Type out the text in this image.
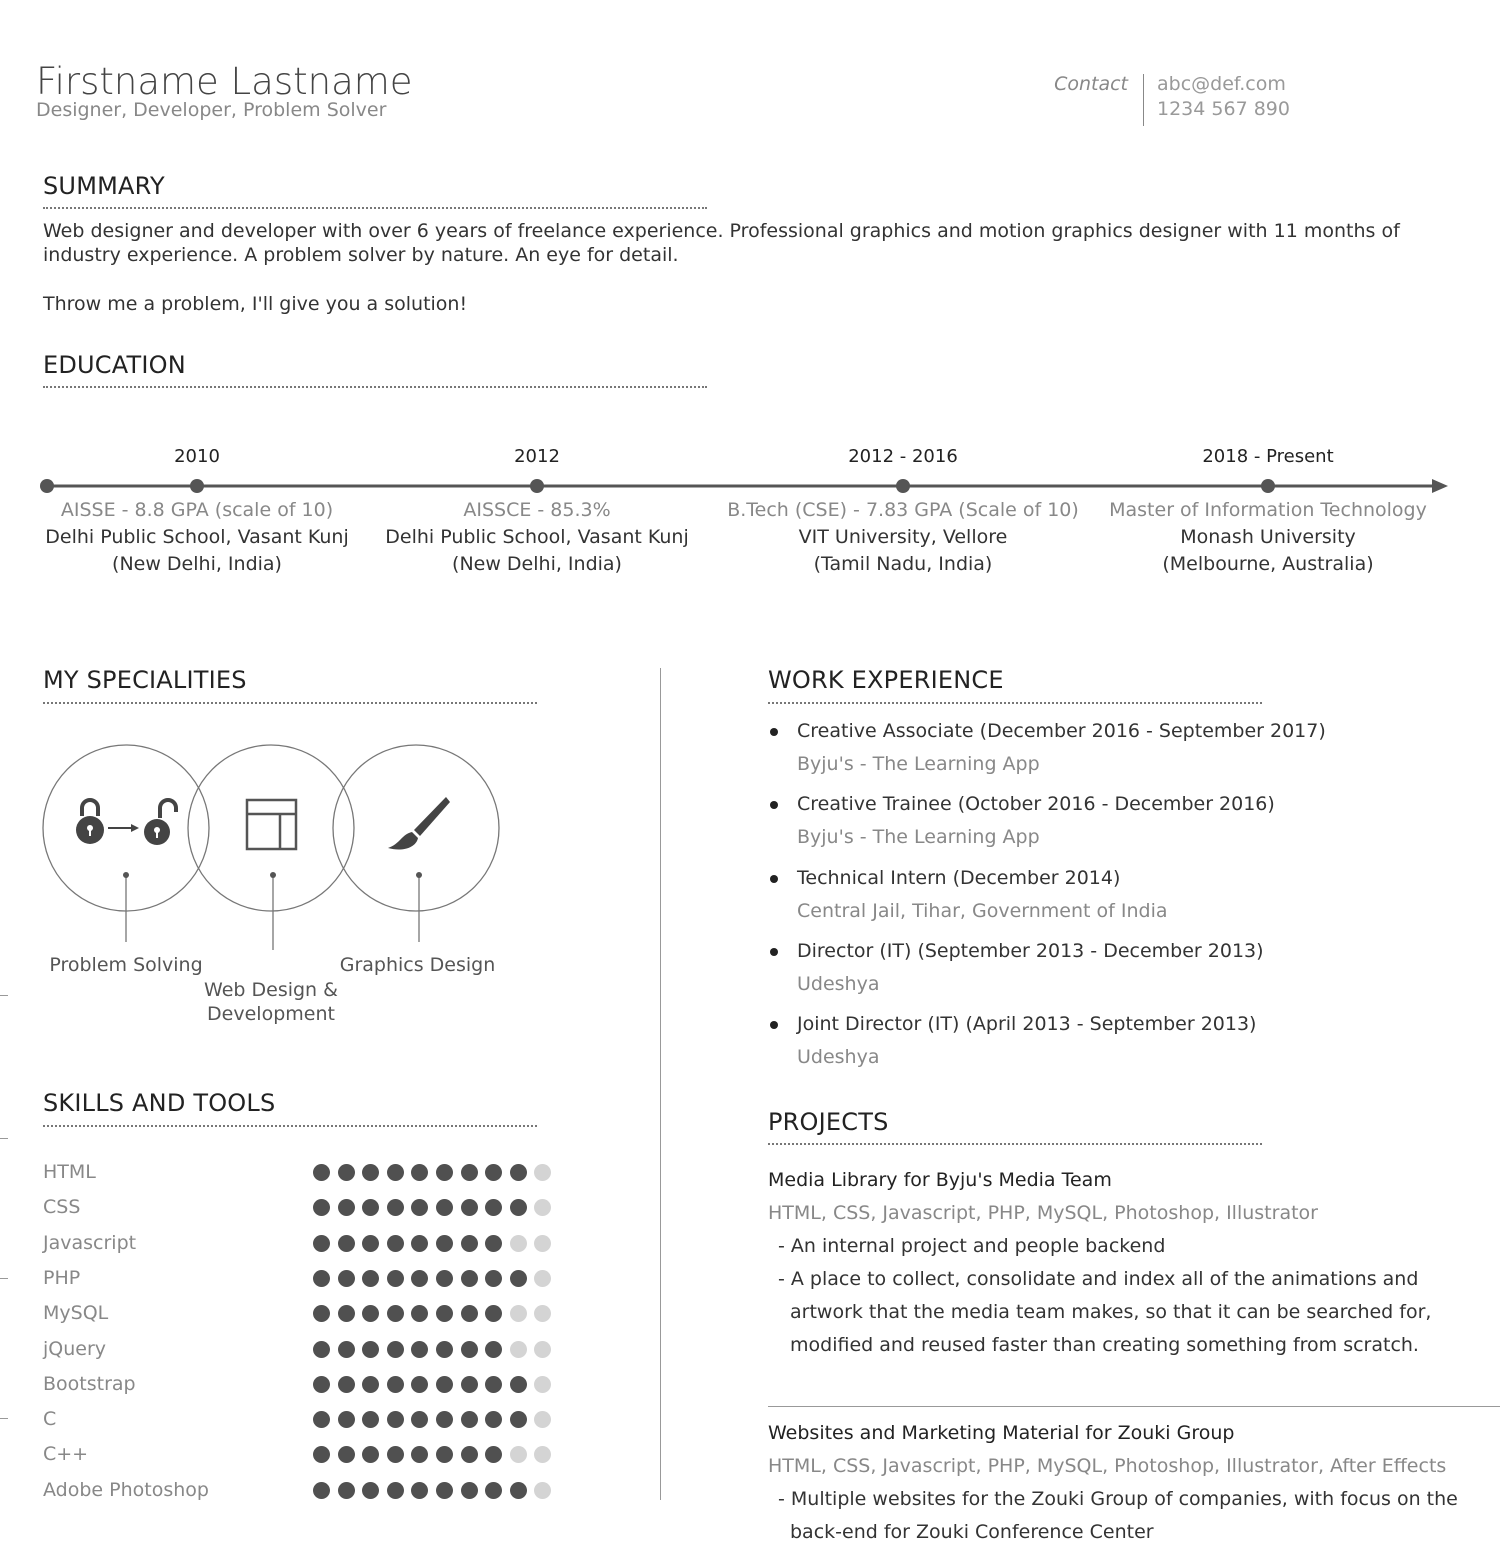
Firstname Lastname
Designer, Developer, Problem Solver
Contact abc@def.com
1234 567 890
SUMMARY
Web designer and developer with over 6 years of freelance experience. Professional graphics and motion graphics designer with 11 months of industry experience. A problem solver by nature. An eye for detail.
Throw me a problem, I'll give you a solution!
EDUCATION
2010
AISSE - 8.8 GPA (scale of 10)
Delhi Public School, Vasant Kunj
(New Delhi, India)
2012
AISSCE - 85.3%
Delhi Public School, Vasant Kunj
(New Delhi, India)
2012 - 2016
B.Tech (CSE) - 7.83 GPA (Scale of 10)
VIT University, Vellore
(Tamil Nadu, India)
2018 - Present
Master of Information Technology
Monash University
(Melbourne, Australia)
MY SPECIALITIES
Problem Solving
Web Design & Development
Graphics Design
SKILLS AND TOOLS
HTML
CSS
Javascript
PHP
MySQL
jQuery
Bootstrap
C
C++
Adobe Photoshop
WORK EXPERIENCE
Creative Associate (December 2016 - September 2017)
Byju's - The Learning App
Creative Trainee (October 2016 - December 2016)
Byju's - The Learning App
Technical Intern (December 2014)
Central Jail, Tihar, Government of India
Director (IT) (September 2013 - December 2013)
Udeshya
Joint Director (IT) (April 2013 - September 2013)
Udeshya
PROJECTS
Media Library for Byju's Media Team
HTML, CSS, Javascript, PHP, MySQL, Photoshop, Illustrator
- An internal project and people backend
- A place to collect, consolidate and index all of the animations and
artwork that the media team makes, so that it can be searched for,
modified and reused faster than creating something from scratch.
Websites and Marketing Material for Zouki Group
HTML, CSS, Javascript, PHP, MySQL, Photoshop, Illustrator, After Effects
- Multiple websites for the Zouki Group of companies, with focus on the
back-end for Zouki Conference Center
